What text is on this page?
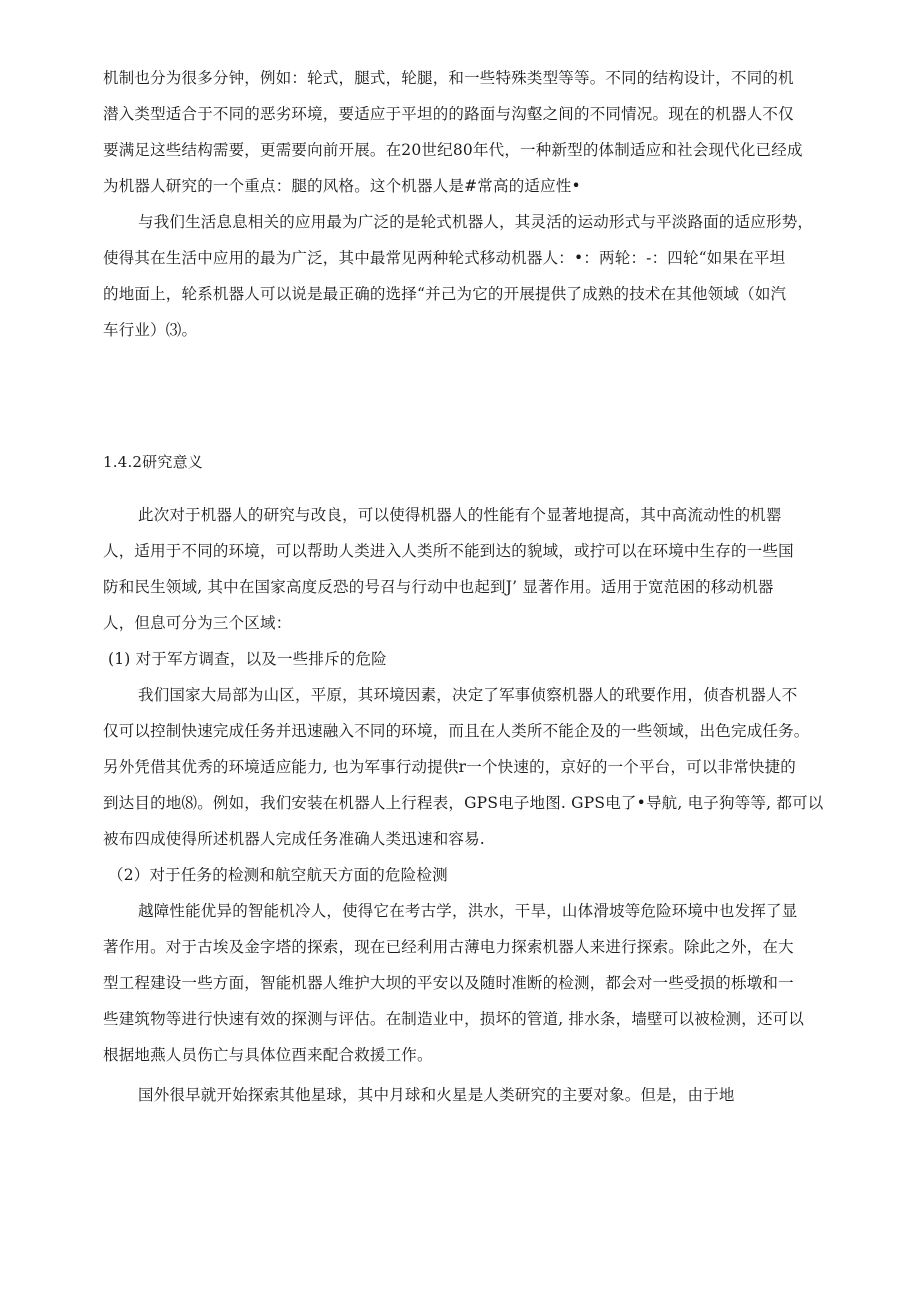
机制也分为很多分钟，例如：轮式，腿式，轮腿，和一些特殊类型等等。不同的结构设计，不同的机
潜入类型适合于不同的恶劣环境，要适应于平坦的的路面与沟壑之间的不同情况。现在的机器人不仅
要满足这些结构需要，更需要向前开展。在20世纪80年代，一种新型的体制适应和社会现代化已经成
为机器人研究的一个重点：腿的风格。这个机器人是#常高的适应性•
与我们生活息息相关的应用最为广泛的是轮式机器人，其灵活的运动形式与平淡路面的适应形势，
使得其在生活中应用的最为广泛，其中最常见两种轮式移动机器人：•：两轮：-：四轮“如果在平坦
的地面上，轮系机器人可以说是最正确的选择“并己为它的开展提供了成熟的技术在其他领域（如汽
车行业）⑶。
1.4.2研究意义
此次对于机器人的研究与改良，可以使得机器人的性能有个显著地提高，其中高流动性的机罂
人，适用于不同的环境，可以帮助人类进入人类所不能到达的貌域，或拧可以在环境中生存的一些国
防和民生领域, 其中在国家高度反恐的号召与行动中也起到J’ 显著作用。适用于宽范困的移动机器
人，但息可分为三个区域：
(1) 对于军方调查，以及一些排斥的危险
我们国家大局部为山区，平原，其环境因素，决定了军事侦察机器人的玳要作用，侦杳机器人不
仅可以控制快速完成任务并迅速融入不同的环境，而且在人类所不能企及的一些领域，出色完成任务。
另外凭借其优秀的环境适应能力, 也为军事行动提供r一个快速的，京好的一个平台，可以非常快捷的
到达目的地⑻。例如，我们安装在机器人上行程表，GPS电子地图. GPS电了•导航, 电子狗等等, 都可以
被布四成使得所述机器人完成任务准确人类迅速和容易.
（2）对于任务的检测和航空航天方面的危险检测
越障性能优异的智能机冷人，使得它在考古学，洪水，干旱，山体滑坡等危险环境中也发挥了显
著作用。对于古埃及金字塔的探索，现在已经利用古薄电力探索机器人来进行探索。除此之外，在大
型工程建设一些方面，智能机器人维护大坝的平安以及随时准断的检测，都会对一些受损的栎墩和一
些建筑物等进行快速有效的探测与评估。在制造业中，损坏的管道, 排水条，墙壁可以被检测，还可以
根据地燕人员伤亡与具体位酉来配合救援工作。
国外很早就开始探索其他星球，其中月球和火星是人类研究的主要对象。但是，由于地
